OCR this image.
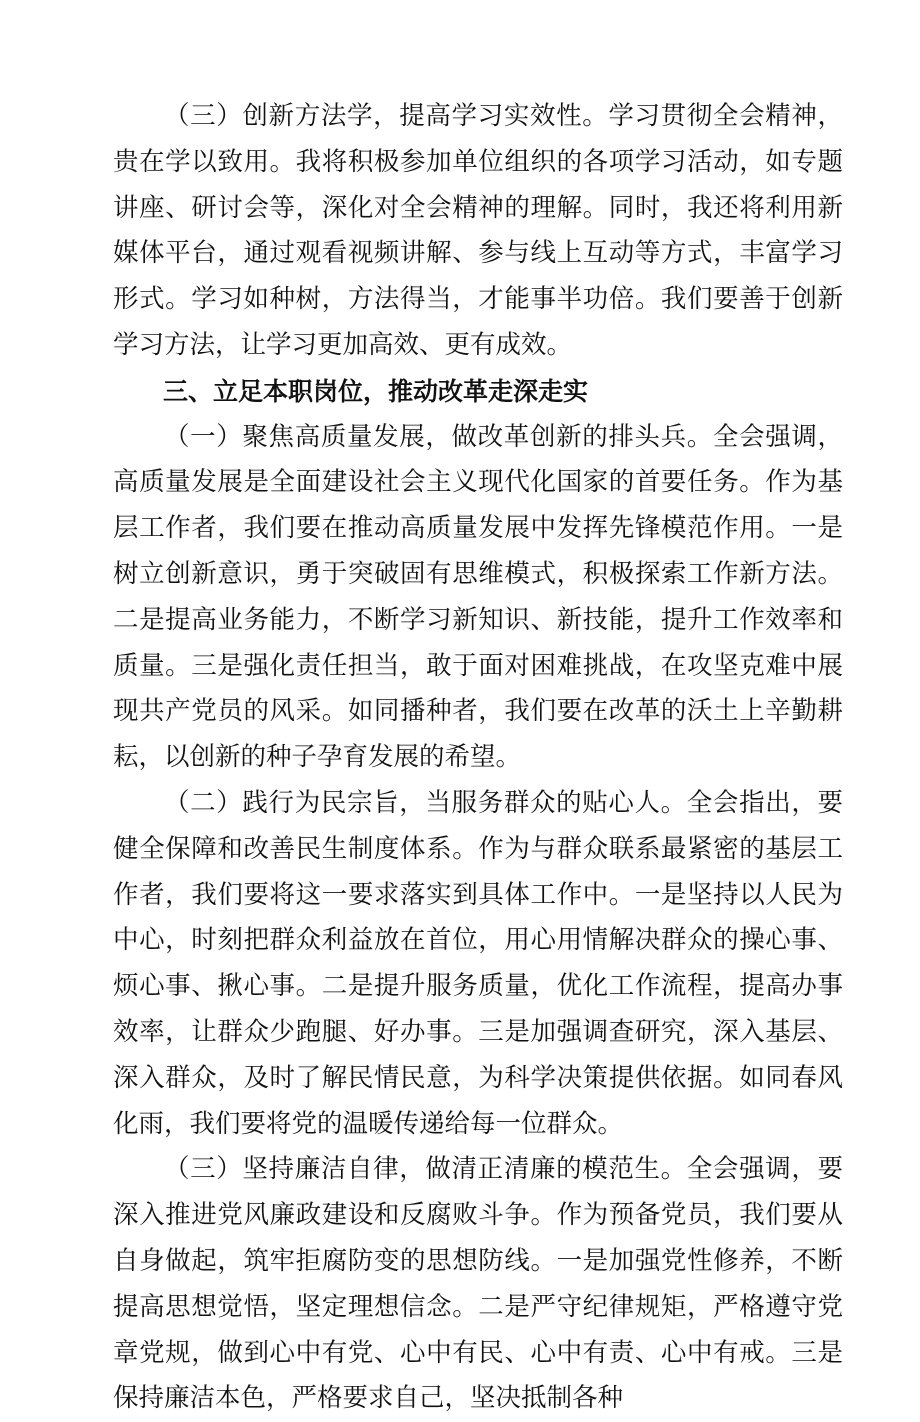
（三）创新方法学，提高学习实效性。学习贯彻全会精神，贵在学以致用。我将积极参加单位组织的各项学习活动，如专题讲座、研讨会等，深化对全会精神的理解。同时，我还将利用新媒体平台，通过观看视频讲解、参与线上互动等方式，丰富学习形式。学习如种树，方法得当，才能事半功倍。我们要善于创新学习方法，让学习更加高效、更有成效。

三、立足本职岗位，推动改革走深走实

（一）聚焦高质量发展，做改革创新的排头兵。全会强调，高质量发展是全面建设社会主义现代化国家的首要任务。作为基层工作者，我们要在推动高质量发展中发挥先锋模范作用。一是树立创新意识，勇于突破固有思维模式，积极探索工作新方法。二是提高业务能力，不断学习新知识、新技能，提升工作效率和质量。三是强化责任担当，敢于面对困难挑战，在攻坚克难中展现共产党员的风采。如同播种者，我们要在改革的沃土上辛勤耕耘，以创新的种子孕育发展的希望。

（二）践行为民宗旨，当服务群众的贴心人。全会指出，要健全保障和改善民生制度体系。作为与群众联系最紧密的基层工作者，我们要将这一要求落实到具体工作中。一是坚持以人民为中心，时刻把群众利益放在首位，用心用情解决群众的操心事、烦心事、揪心事。二是提升服务质量，优化工作流程，提高办事效率，让群众少跑腿、好办事。三是加强调查研究，深入基层、深入群众，及时了解民情民意，为科学决策提供依据。如同春风化雨，我们要将党的温暖传递给每一位群众。

（三）坚持廉洁自律，做清正清廉的模范生。全会强调，要深入推进党风廉政建设和反腐败斗争。作为预备党员，我们要从自身做起，筑牢拒腐防变的思想防线。一是加强党性修养，不断提高思想觉悟，坚定理想信念。二是严守纪律规矩，严格遵守党章党规，做到心中有党、心中有民、心中有责、心中有戒。三是保持廉洁本色，严格要求自己，坚决抵制各种
